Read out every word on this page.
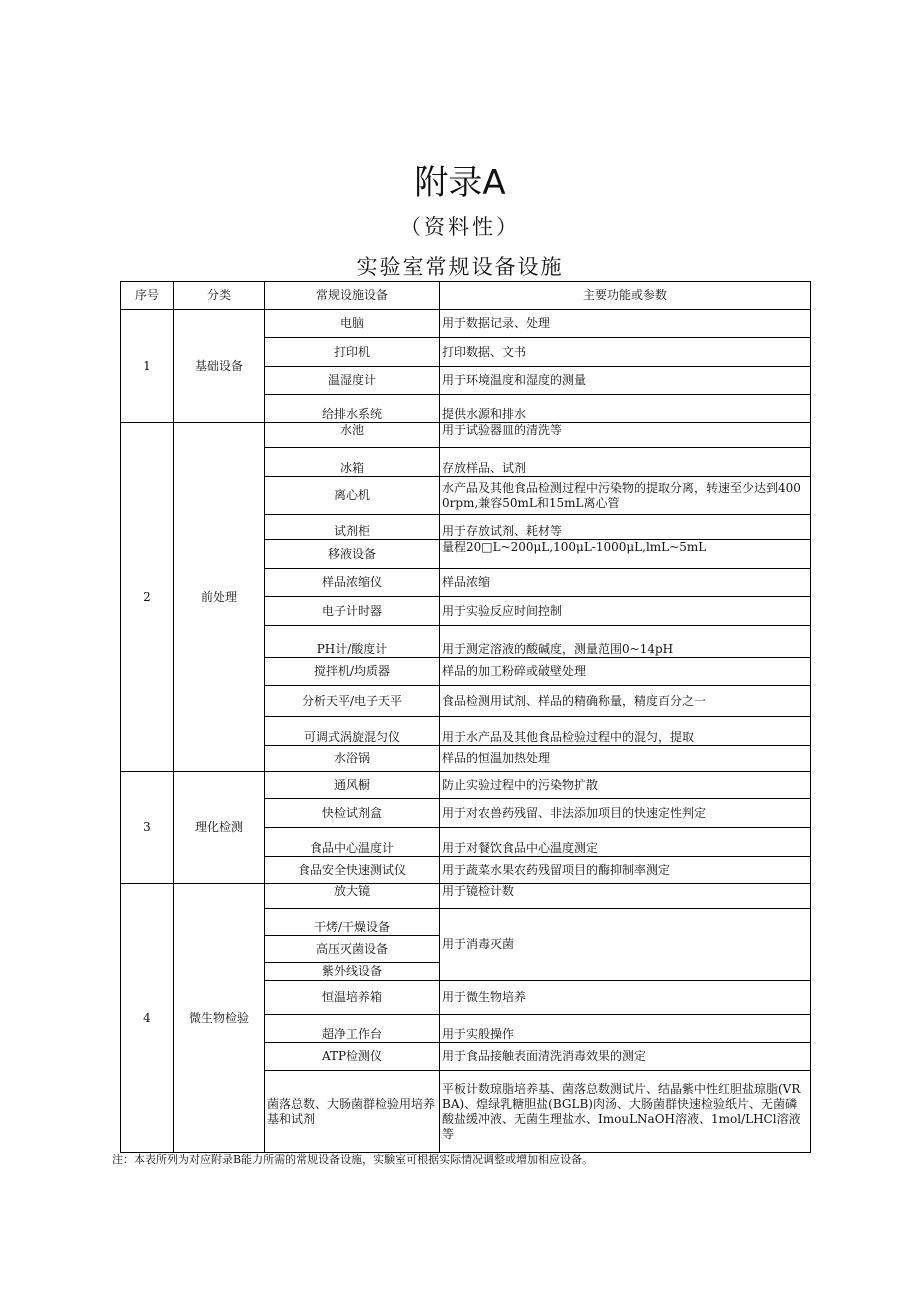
附录A
（资料性）
实验室常规设备设施
序号	分类	常规设施设备	主要功能或参数
1	基础设备	电脑	用于数据记录、处理
		打印机	打印数据、文书
		温湿度计	用于环境温度和湿度的测量
		给排水系统	提供水源和排水
2	前处理	水池	用于试验器皿的清洗等
		冰箱	存放样品、试剂
		离心机	水产品及其他食品检测过程中污染物的提取分离，转速至少达到4000rpm,兼容50mL和15mL离心管
		试剂柜	用于存放试剂、耗材等
		移液设备	量程20□L~200μL,100μL-1000μL,lmL~5mL
		样品浓缩仪	样品浓缩
		电子计时器	用于实验反应时间控制
		PH计/酸度计	用于测定溶液的酸碱度，测量范围0~14pH
		搅拌机/均质器	样品的加工粉碎或破壁处理
		分析天平/电子天平	食品检测用试剂、样品的精确称量，精度百分之一
		可调式涡旋混匀仪	用于水产品及其他食品检验过程中的混匀，提取
		水浴锅	样品的恒温加热处理
3	理化检测	通风橱	防止实验过程中的污染物扩散
		快检试剂盒	用于对农兽药残留、非法添加项目的快速定性判定
		食品中心温度计	用于对餐饮食品中心温度测定
		食品安全快速测试仪	用于蔬菜水果农药残留项目的酶抑制率测定
4	微生物检验	放大镜	用于镜检计数
		干烤/干燥设备	用于消毒灭菌
		高压灭菌设备	
		紫外线设备	
		恒温培养箱	用于微生物培养
		超净工作台	用于实般操作
		ATP检测仪	用于食品接触表面清洗消毒效果的测定
		菌落总数、大肠菌群检验用培养基和试剂	平板计数琼脂培养基、菌落总数测试片、结晶紫中性红胆盐琼脂(VRBA)、煌绿乳糖胆盐(BGLB)肉汤、大肠菌群快速检验纸片、无菌磷酸盐缓冲液、无菌生理盐水、ImouLNaOH溶液、1mol/LHCl溶液等
注：本表所列为对应附录B能力所需的常规设备设施，实験室可根据实际情况调整或增加相应设备。
